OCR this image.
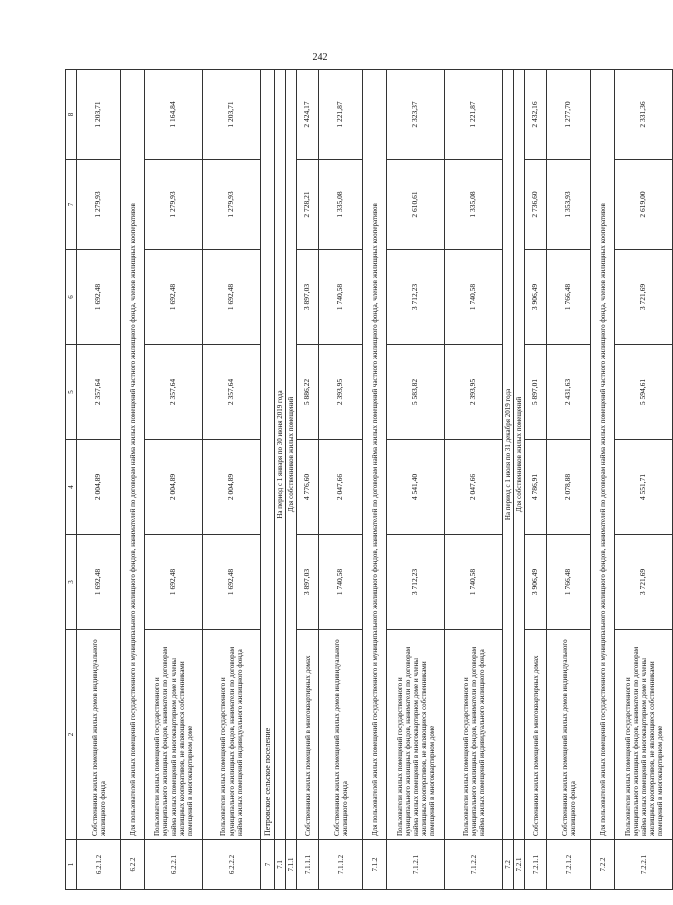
242
1	2	3	4	5	6	7	8
6.2.1.2	Собственники жилых помещений жилых домов индивидуального жилищного фонда	1 692,48	2 004,89	2 357,64	1 692,48	1 279,93	1 203,71
6.2.2	Для пользователей жилых помещений государственного и муниципального жилищного фондов, нанимателей по договорам найма жилых помещений частного жилищного фонда, членов жилищных кооперативов						
6.2.2.1	Пользователи жилых помещений государственного и муниципального жилищных фондов, наниматели по договорам найма жилых помещений в многоквартирном доме и члены жилищных кооперативов, не являющиеся собственниками помещений в многоквартирном доме	1 692,48	2 004,89	2 357,64	1 692,48	1 279,93	1 164,84
6.2.2.2	Пользователи жилых помещений государственного и муниципального жилищных фондов, наниматели по договорам найма жилых помещений индивидуального жилищного фонда	1 692,48	2 004,89	2 357,64	1 692,48	1 279,93	1 203,71
7	Петровское сельское поселение						
7.1	На период с 1 января по 30 июня 2019 года						
7.1.1	Для собственников жилых помещений						
7.1.1.1	Собственники жилых помещений в многоквартирных домах	3 897,03	4 776,60	5 886,22	3 897,03	2 728,21	2 424,17
7.1.1.2	Собственники жилых помещений жилых домов индивидуального жилищного фонда	1 740,58	2 047,66	2 393,95	1 740,58	1 335,08	1 221,87
7.1.2	Для пользователей жилых помещений государственного и муниципального жилищного фондов, нанимателей по договорам найма жилых помещений частного жилищного фонда, членов жилищных кооперативов						
7.1.2.1	Пользователи жилых помещений государственного и муниципального жилищных фондов, наниматели по договорам найма жилых помещений в многоквартирном доме и члены жилищных кооперативов, не являющиеся собственниками помещений в многоквартирном доме	3 712,23	4 541,40	5 583,82	3 712,23	2 610,61	2 323,37
7.1.2.2	Пользователи жилых помещений государственного и муниципального жилищных фондов, наниматели по договорам найма жилых помещений индивидуального жилищного фонда	1 740,58	2 047,66	2 393,95	1 740,58	1 335,08	1 221,87
7.2	На период с 1 июля по 31 декабря 2019 года						
7.2.1	Для собственников жилых помещений						
7.2.1.1	Собственники жилых помещений в многоквартирных домах	3 906,49	4 786,91	5 897,01	3 906,49	2 736,60	2 432,16
7.2.1.2	Собственники жилых помещений жилых домов индивидуального жилищного фонда	1 766,48	2 078,88	2 431,63	1 766,48	1 353,93	1 277,70
7.2.2	Для пользователей жилых помещений государственного и муниципального жилищного фондов, нанимателей по договорам найма жилых помещений частного жилищного фонда, членов жилищных кооперативов						
7.2.2.1	Пользователи жилых помещений государственного и муниципального жилищных фондов, наниматели по договорам найма жилых помещений в многоквартирном доме и члены жилищных кооперативов, не являющиеся собственниками помещений в многоквартирном доме	3 721,69	4 551,71	5 594,61	3 721,69	2 619,00	2 331,36
